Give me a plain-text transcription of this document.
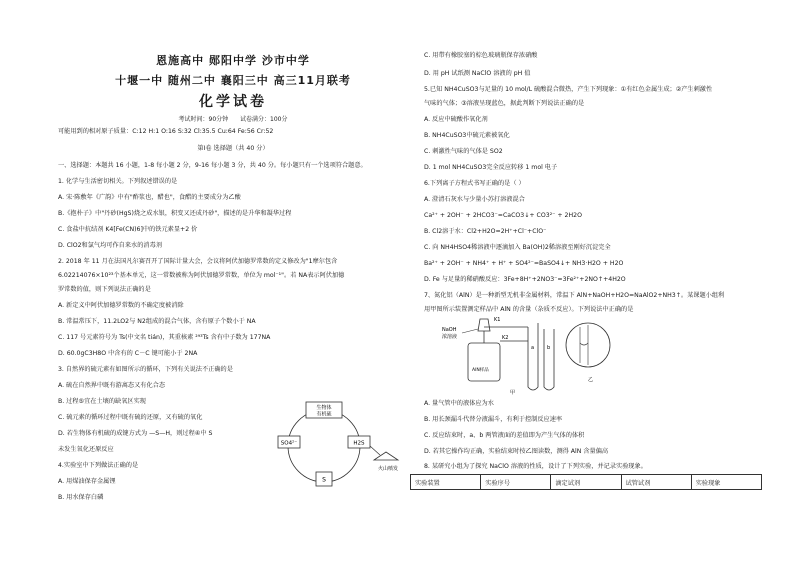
恩施高中 郧阳中学 沙市中学
十堰一中 随州二中 襄阳三中 高三11月联考
化学试卷
考试时间：90分钟 试卷满分：100分
可能用到的相对原子质量：C:12 H:1 O:16 S:32 Cl:35.5 Cu:64 Fe:56 Cr:52
第Ⅰ卷 选择题（共 40 分）
一、选择题：本题共 16 小题，1-8 每小题 2 分，9-16 每小题 3 分，共 40 分。每小题只有一个选项符合题意。
1. 化学与生活密切相关。下列叙述错误的是
A. 宋·陈敷年《广韵》中有"酢浆也，醋也"，食醋的主要成分为乙酸
B.《抱朴子》中"丹砂(HgS)烧之成水银，积变又还成丹砂"，描述的是升华和凝华过程
C. 食盐中抗结剂 K4[Fe(CN)6]中的铁元素显+2 价
D. ClO2和氯气均可作自来水的消毒剂
2. 2018 年 11 月在法国凡尔赛召开了国际计量大会，会议将阿伏加德罗常数的定义修改为"1摩尔包含
6.02214076×10²³个基本单元，这一常数被称为阿伏加德罗常数，单位为 mol⁻¹"。若 NA表示阿伏加德
罗常数的值，则下列说法正确的是
A. 新定义中阿伏加德罗常数的不确定度被消除
B. 常温常压下，11.2LO2与 N2组成的混合气体，含有原子个数小于 NA
C. 117 号元素符号为 Ts(中文名 tián)，其重核素 ²⁹³Ts 含有中子数为 177NA
D. 60.0gC3H8O 中含有的 C－C 键可能小于 2NA
3. 自然界的硫元素有如图所示的循环，下列有关说法不正确的是
A. 硫在自然界中既有游离态又有化合态
B. 过程⑤宜在土壤的缺氧区实现
C. 硫元素的循环过程中既有硫的还原，又有硫的氧化
D. 若生物体有机硫的成键方式为 —S—H，则过程④中 S
未发生氧化还原反应
4.实验室中下列做法正确的是
A. 用煤油保存金属锂
B. 用水保存白磷
生物体
有机硫
SO4²⁻	H2S
S
火山喷发
C. 用带有橡胶塞的棕色玻璃瓶保存浓硝酸
D. 用 pH 试纸测 NaClO 溶液的 pH 值
5.已知 NH4CuSO3与足量的 10 mol/L 硫酸混合微热，产生下列现象：①有红色金属生成；②产生刺激性
气味的气体；③溶液呈现蓝色，据此判断下列说法正确的是
A. 反应中硫酸作氧化剂
B. NH4CuSO3中硫元素被氧化
C. 刺激性气味的气体是 SO2
D. 1 mol NH4CuSO3完全反应转移 1 mol 电子
6.下列离子方程式书写正确的是（ ）
A. 澄清石灰水与少量小苏打溶液混合
Ca²⁺ + 2OH⁻ + 2HCO3⁻=CaCO3↓+ CO3²⁻ + 2H2O
B. Cl2溶于水：Cl2+H2O=2H⁺+Cl⁻+ClO⁻
C. 向 NH4HSO4稀溶液中逐滴加入 Ba(OH)2稀溶液至刚好沉淀完全
Ba²⁺ + 2OH⁻ + NH4⁺ + H⁺ + SO4²⁻=BaSO4↓+ NH3·H2O + H2O
D. Fe 与足量的稀硝酸反应：3Fe+8H⁺+2NO3⁻=3Fe²⁺+2NO↑+4H2O
7、氮化铝（AlN）是一种新型无机非金属材料，常温下 AlN+NaOH+H2O=NaAlO2+NH3↑。某课题小组利
用甲图所示装置测定样品中 AlN 的含量（杂质不反应）。下列说法中正确的是
NaOH
浓溶液
K1
K2
AlN样品
a	b
甲
乙
A. 量气管中的液体应为水
B. 用长颈漏斗代替分液漏斗，有利于控制反应速率
C. 反应结束时，a、b 两管液面的差值即为产生气体的体积
D. 若其它操作均正确，实验结束时按乙图读数，测得 AlN 含量偏高
8. 某研究小组为了探究 NaClO 溶液的性质，设计了下列实验，并记录实验现象。
实验装置	实验序号	滴定试剂	试管试剂	实验现象
